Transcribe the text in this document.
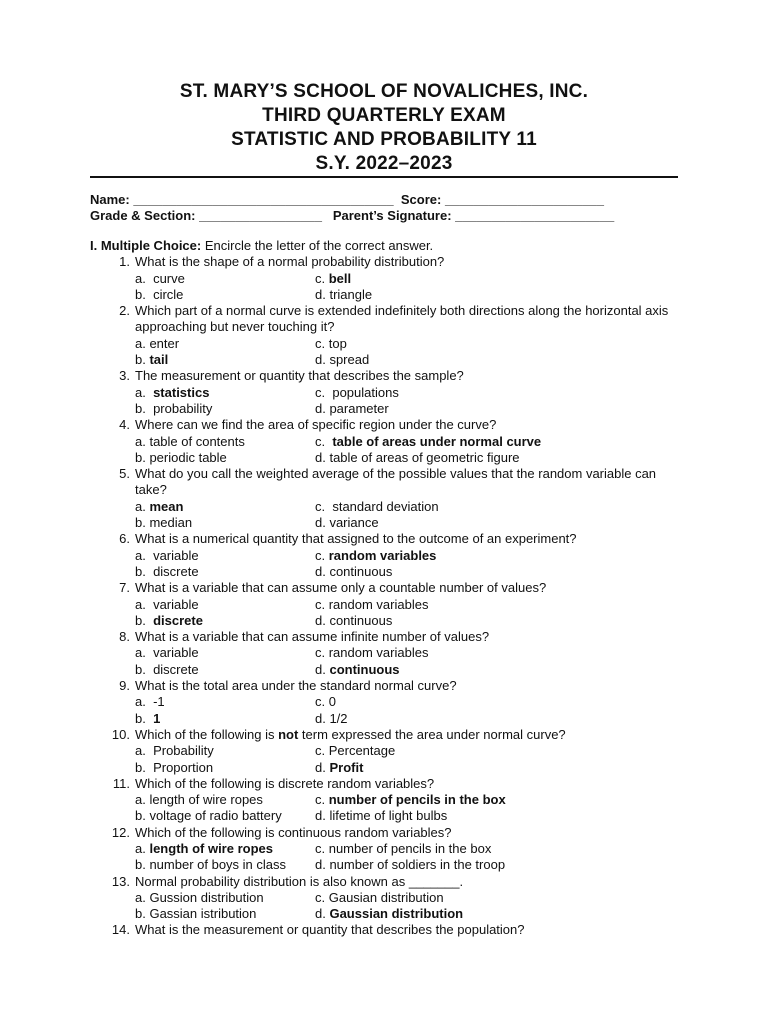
ST. MARY’S SCHOOL OF NOVALICHES, INC.
THIRD QUARTERLY EXAM
STATISTIC AND PROBABILITY 11
S.Y. 2022–2023
Name: ____________________________________  Score: ______________________
Grade & Section: _________________   Parent’s Signature: ______________________
I. Multiple Choice: Encircle the letter of the correct answer.
1. What is the shape of a normal probability distribution?
a.  curve	c. bell
b.  circle	d. triangle
2. Which part of a normal curve is extended indefinitely both directions along the horizontal axis approaching but never touching it?
a. enter	c. top
b. tail	d. spread
3. The measurement or quantity that describes the sample?
a.  statistics	c.  populations
b.  probability	d. parameter
4. Where can we find the area of specific region under the curve?
a. table of contents	c.  table of areas under normal curve
b. periodic table	d. table of areas of geometric figure
5. What do you call the weighted average of the possible values that the random variable can take?
a. mean	c.  standard deviation
b. median	d. variance
6. What is a numerical quantity that assigned to the outcome of an experiment?
a.  variable	c. random variables
b.  discrete	d. continuous
7. What is a variable that can assume only a countable number of values?
a.  variable	c. random variables
b.  discrete	d. continuous
8. What is a variable that can assume infinite number of values?
a.  variable	c. random variables
b.  discrete	d. continuous
9. What is the total area under the standard normal curve?
a.  -1	c. 0
b.  1	d. 1/2
10. Which of the following is not term expressed the area under normal curve?
a.  Probability	c. Percentage
b.  Proportion	d. Profit
11. Which of the following is discrete random variables?
a. length of wire ropes	c. number of pencils in the box
b. voltage of radio battery	d. lifetime of light bulbs
12. Which of the following is continuous random variables?
a. length of wire ropes	c. number of pencils in the box
b. number of boys in class	d. number of soldiers in the troop
13. Normal probability distribution is also known as _______.
a. Gussion distribution	c. Gausian distribution
b. Gassian istribution	d. Gaussian distribution
14. What is the measurement or quantity that describes the population?
